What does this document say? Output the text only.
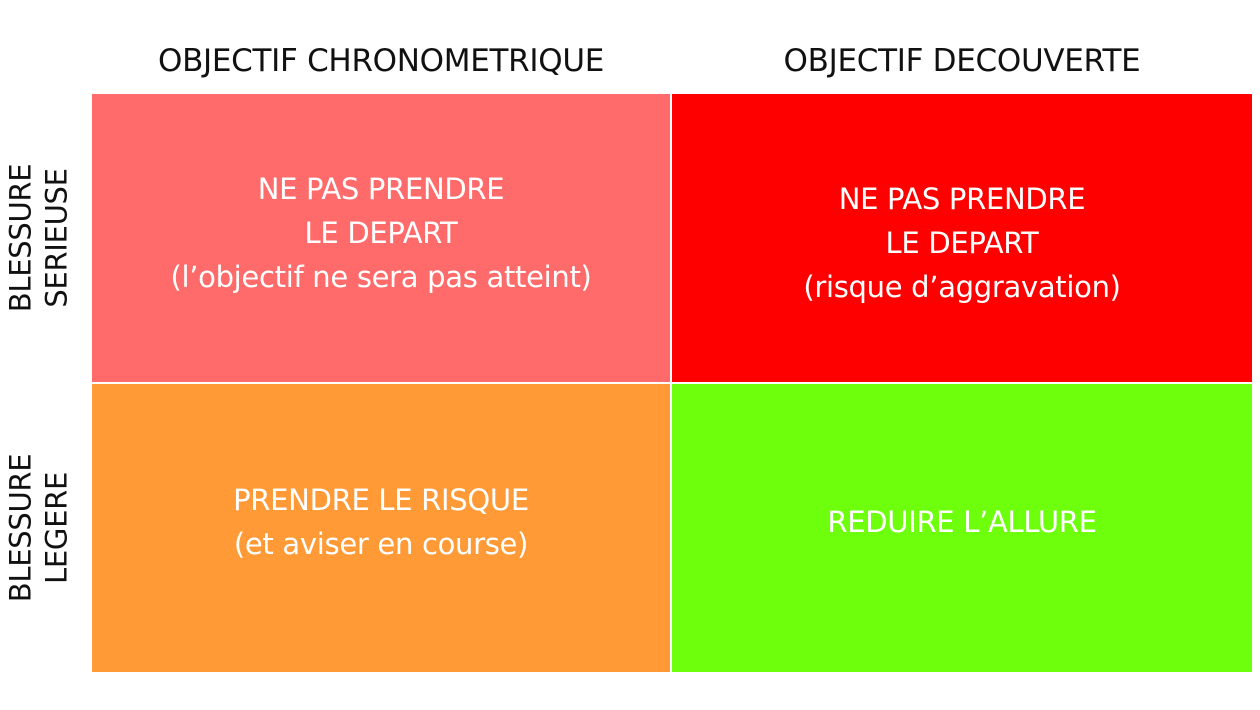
OBJECTIF CHRONOMETRIQUE	OBJECTIF DECOUVERTE
BLESSURE SERIEUSE
BLESSURE LEGERE
NE PAS PRENDRE
LE DEPART
(l’objectif ne sera pas atteint)
NE PAS PRENDRE
LE DEPART
(risque d’aggravation)
PRENDRE LE RISQUE
(et aviser en course)
REDUIRE L’ALLURE
